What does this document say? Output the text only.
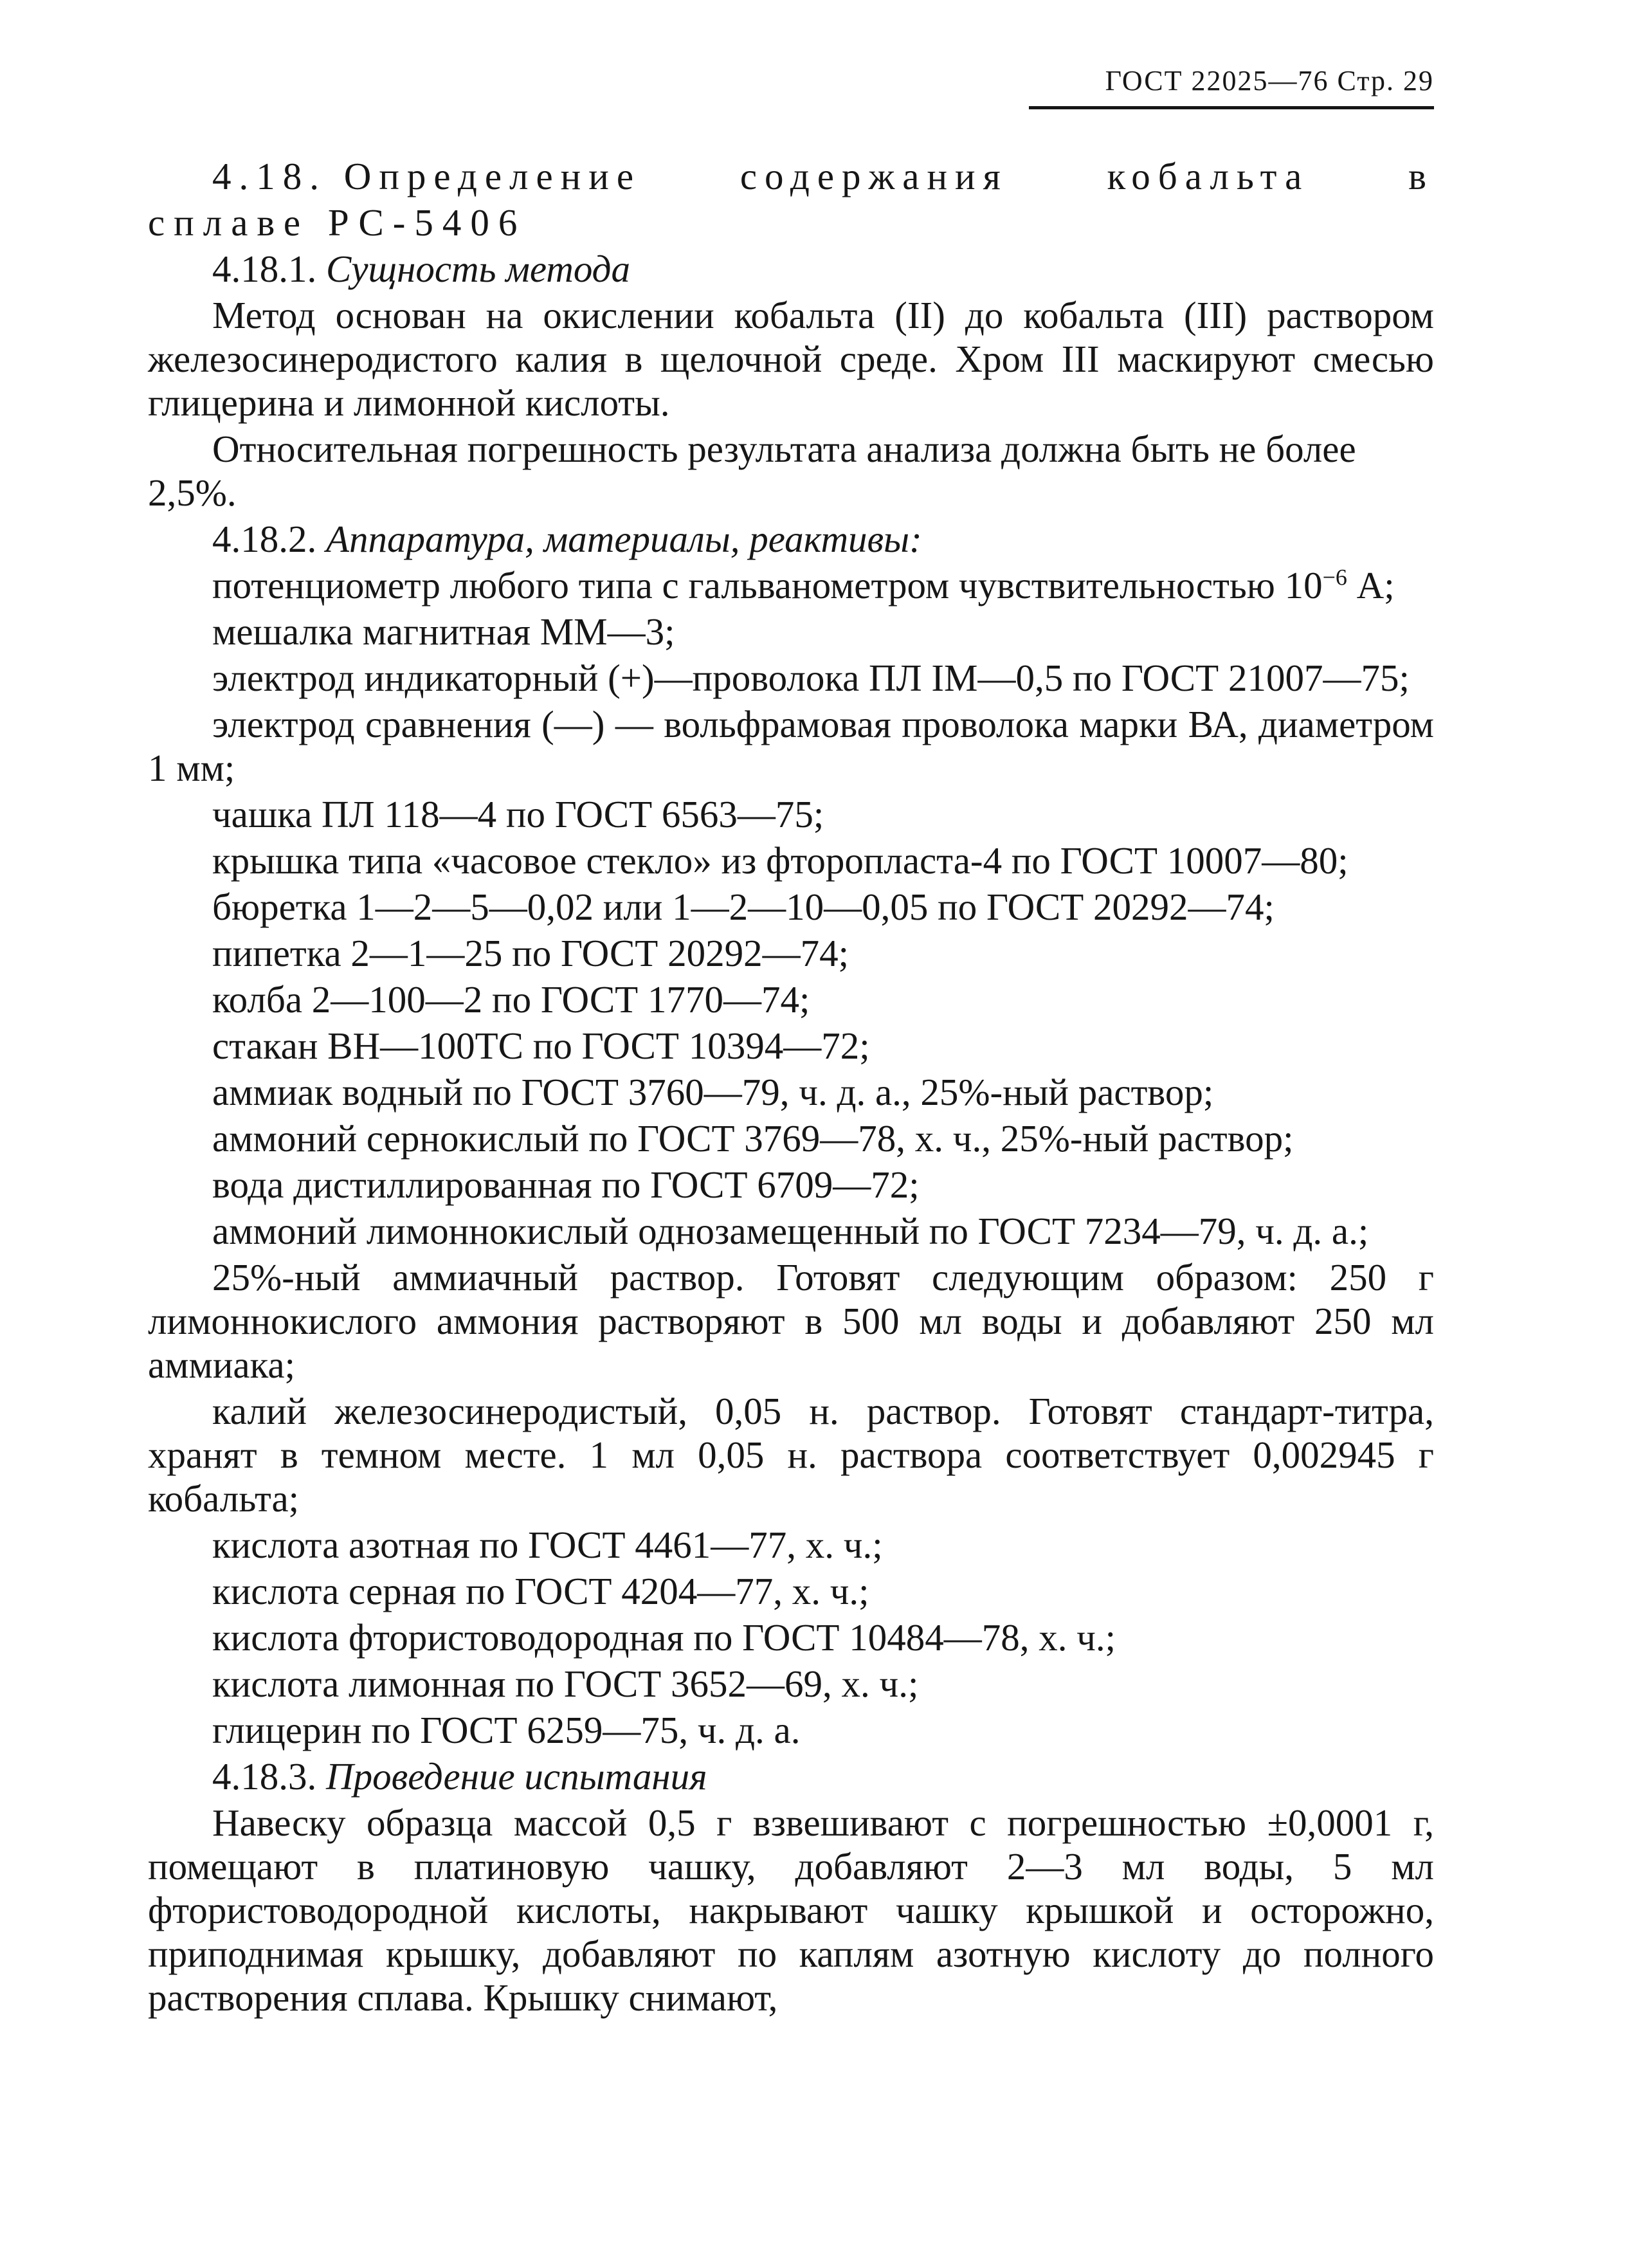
ГОСТ 22025—76 Стр. 29

4.18. Определение	содержания	кобальта	в

сплаве РС-5406

4.18.1. Сущность метода

Метод основан на окислении кобальта (II) до кобальта (III) раствором железосинеродистого калия в щелочной среде. Хром III маскируют смесью глицерина и лимонной кислоты.

Относительная погрешность результата анализа должна быть не более 2,5%.

4.18.2. Аппаратура, материалы, реактивы:

потенциометр любого типа с гальванометром чувствительностью $10^{-6}$ А;

мешалка магнитная ММ—3;

электрод индикаторный (+)—проволока ПЛ IМ—0,5 по ГОСТ 21007—75;

электрод сравнения (—) — вольфрамовая проволока марки ВА, диаметром 1 мм;

чашка ПЛ 118—4 по ГОСТ 6563—75;

крышка типа «часовое стекло» из фторопласта-4 по ГОСТ 10007—80;

бюретка 1—2—5—0,02 или 1—2—10—0,05 по ГОСТ 20292—74;

пипетка 2—1—25 по ГОСТ 20292—74;

колба 2—100—2 по ГОСТ 1770—74;

стакан ВН—100ТС по ГОСТ 10394—72;

аммиак водный по ГОСТ 3760—79, ч. д. а., 25%-ный раствор;

аммоний сернокислый по ГОСТ 3769—78, х. ч., 25%-ный раствор;

вода дистиллированная по ГОСТ 6709—72;

аммоний лимоннокислый однозамещенный по ГОСТ 7234—79, ч. д. а.;

25%-ный аммиачный раствор. Готовят следующим образом: 250 г лимоннокислого аммония растворяют в 500 мл воды и добавляют 250 мл аммиака;

калий железосинеродистый, 0,05 н. раствор. Готовят стандарт-титра, хранят в темном месте. 1 мл 0,05 н. раствора соответствует 0,002945 г кобальта;

кислота азотная по ГОСТ 4461—77, х. ч.;

кислота серная по ГОСТ 4204—77, х. ч.;

кислота фтористоводородная по ГОСТ 10484—78, х. ч.;

кислота лимонная по ГОСТ 3652—69, х. ч.;

глицерин по ГОСТ 6259—75, ч. д. а.

4.18.3. Проведение испытания

Навеску образца массой 0,5 г взвешивают с погрешностью ±0,0001 г, помещают в платиновую чашку, добавляют 2—3 мл воды, 5 мл фтористоводородной кислоты, накрывают чашку крышкой и осторожно, приподнимая крышку, добавляют по каплям азотную кислоту до полного растворения сплава. Крышку снимают,
